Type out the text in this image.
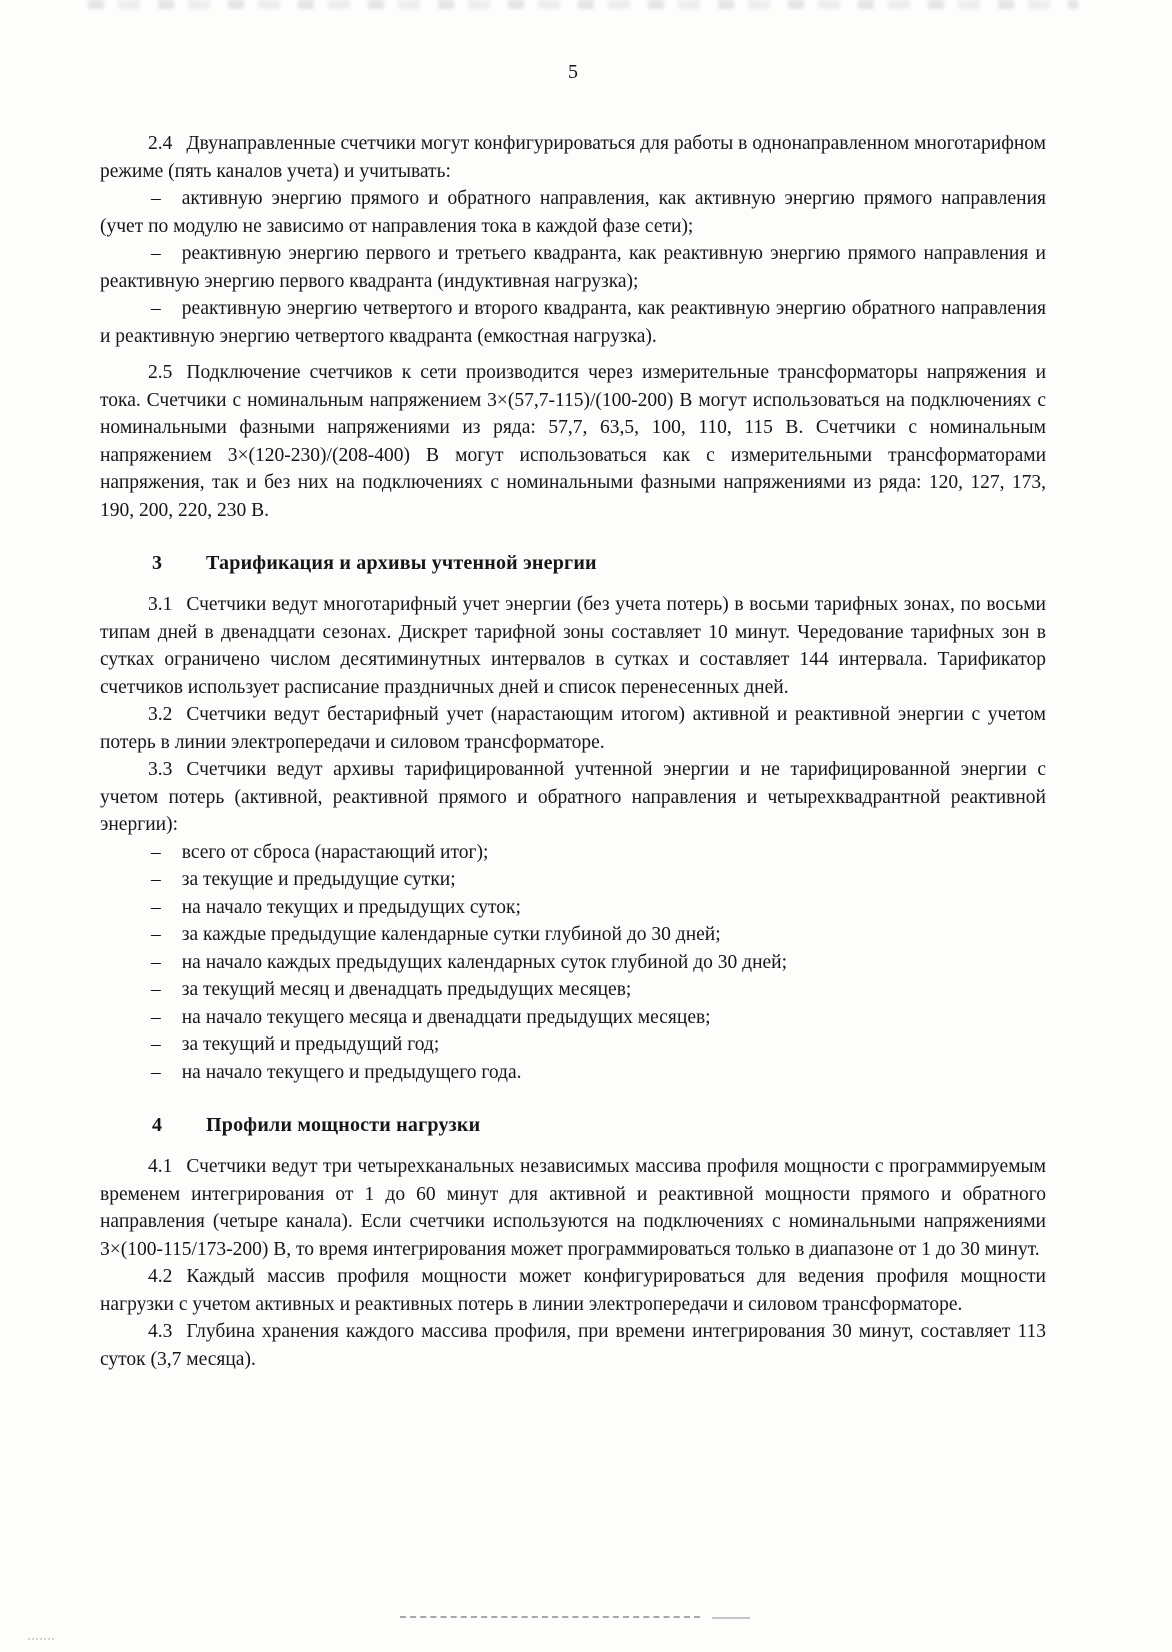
5

2.4 Двунаправленные счетчики могут конфигурироваться для работы в однонаправленном многотарифном режиме (пять каналов учета) и учитывать:

– активную энергию прямого и обратного направления, как активную энергию прямого направления (учет по модулю не зависимо от направления тока в каждой фазе сети);

– реактивную энергию первого и третьего квадранта, как реактивную энергию прямого направления и реактивную энергию первого квадранта (индуктивная нагрузка);

– реактивную энергию четвертого и второго квадранта, как реактивную энергию обратного направления и реактивную энергию четвертого квадранта (емкостная нагрузка).

2.5 Подключение счетчиков к сети производится через измерительные трансформаторы напряжения и тока. Счетчики с номинальным напряжением 3×(57,7-115)/(100-200) В могут использоваться на подключениях с номинальными фазными напряжениями из ряда: 57,7, 63,5, 100, 110, 115 В. Счетчики с номинальным напряжением 3×(120-230)/(208-400) В могут использоваться как с измерительными трансформаторами напряжения, так и без них на подключениях с номинальными фазными напряжениями из ряда: 120, 127, 173, 190, 200, 220, 230 В.

3 Тарификация и архивы учтенной энергии

3.1 Счетчики ведут многотарифный учет энергии (без учета потерь) в восьми тарифных зонах, по восьми типам дней в двенадцати сезонах. Дискрет тарифной зоны составляет 10 минут. Чередование тарифных зон в сутках ограничено числом десятиминутных интервалов в сутках и составляет 144 интервала. Тарификатор счетчиков использует расписание праздничных дней и список перенесенных дней.

3.2 Счетчики ведут бестарифный учет (нарастающим итогом) активной и реактивной энергии с учетом потерь в линии электропередачи и силовом трансформаторе.

3.3 Счетчики ведут архивы тарифицированной учтенной энергии и не тарифицированной энергии с учетом потерь (активной, реактивной прямого и обратного направления и четырехквадрантной реактивной энергии):

– всего от сброса (нарастающий итог);

– за текущие и предыдущие сутки;

– на начало текущих и предыдущих суток;

– за каждые предыдущие календарные сутки глубиной до 30 дней;

– на начало каждых предыдущих календарных суток глубиной до 30 дней;

– за текущий месяц и двенадцать предыдущих месяцев;

– на начало текущего месяца и двенадцати предыдущих месяцев;

– за текущий и предыдущий год;

– на начало текущего и предыдущего года.

4 Профили мощности нагрузки

4.1 Счетчики ведут три четырехканальных независимых массива профиля мощности с программируемым временем интегрирования от 1 до 60 минут для активной и реактивной мощности прямого и обратного направления (четыре канала). Если счетчики используются на подключениях с номинальными напряжениями 3×(100-115/173-200) В, то время интегрирования может программироваться только в диапазоне от 1 до 30 минут.

4.2 Каждый массив профиля мощности может конфигурироваться для ведения профиля мощности нагрузки с учетом активных и реактивных потерь в линии электропередачи и силовом трансформаторе.

4.3 Глубина хранения каждого массива профиля, при времени интегрирования 30 минут, составляет 113 суток (3,7 месяца).
